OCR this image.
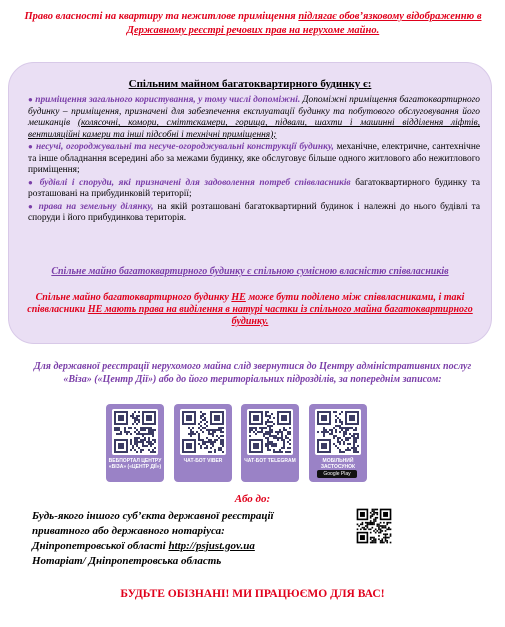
Право власності на квартиру та нежитлове приміщення підлягає обов’язковому відображенню в Державному реєстрі речових прав на нерухоме майно.
Спільним майном багатоквартирного будинку є:

● приміщення загального користування, у тому числі допоміжні. Допоміжні приміщення багатоквартирного будинку – приміщення, призначені для забезпечення експлуатації будинку та побутового обслуговування його мешканців (колясочні, комори, сміттєкамери, горища, підвали, шахти і машинні відділення ліфтів, вентиляційні камери та інші підсобні і технічні приміщення);

● несучі, огороджувальні та несуче-огороджувальні конструкції будинку, механічне, електричне, сантехнічне та інше обладнання всередині або за межами будинку, яке обслуговує більше одного житлового або нежитлового приміщення;

● будівлі і споруди, які призначені для задоволення потреб співвласників багатоквартирного будинку та розташовані на прибудинковій території;

● права на земельну ділянку, на якій розташовані багатоквартирний будинок і належні до нього будівлі та споруди і його прибудинкова територія.

Спільне майно багатоквартирного будинку є спільною сумісною власністю співвласників
Спільне майно багатоквартирного будинку НЕ може бути поділено між співвласниками, і такі співвласники НЕ мають права на виділення в натурі частки із спільного майна багатоквартирного будинку.
Для державної реєстрації нерухомого майна слід звернутися до Центру адміністративних послуг «Віза» («Центр Дії») або до його територіальних підрозділів, за попереднім записом:
ВЕБПОРТАЛ ЦЕНТРУ «ВІЗА» («ЦЕНТР ДІЇ»)
ЧАТ-БОТ VIBER	ЧАТ-БОТ TELEGRAM	МОБІЛЬНИЙ ЗАСТОСУНОК
Google Play
Або до:
Будь-якого іншого суб’єкта державної реєстрації
приватного або державного нотаріуса:
Дніпропетровської області http://psjust.gov.ua
Нотаріат/ Дніпропетровська область
БУДЬТЕ ОБІЗНАНІ! МИ ПРАЦЮЄМО ДЛЯ ВАС!
